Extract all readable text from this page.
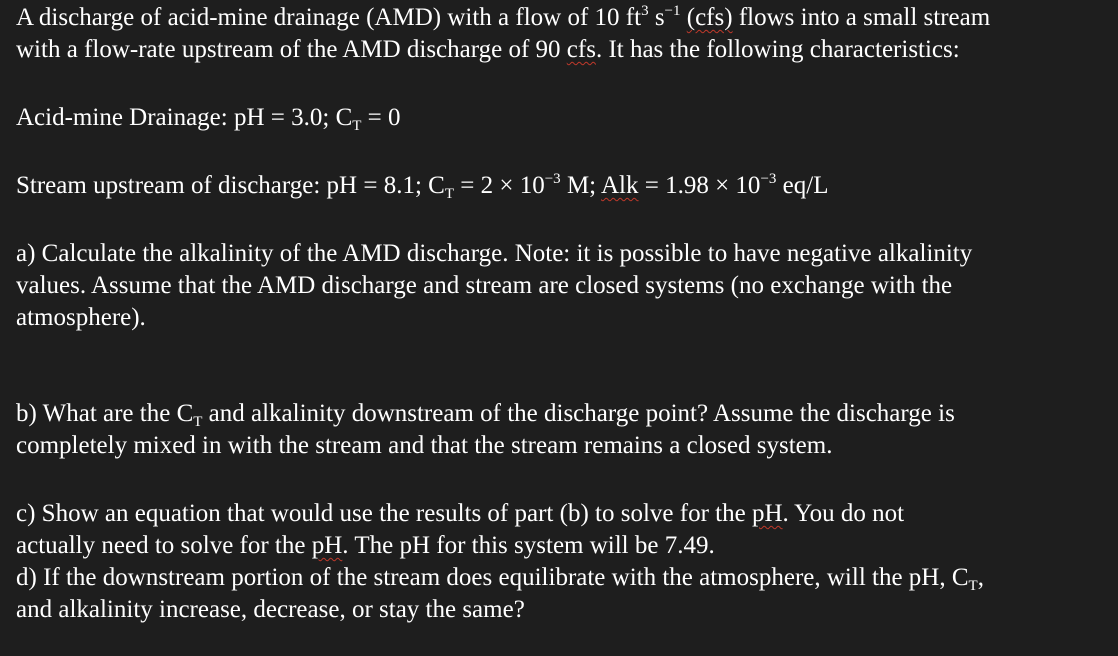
A discharge of acid-mine drainage (AMD) with a flow of 10 $ft^3$ $s^{-1}$ (cfs) flows into a small stream
with a flow-rate upstream of the AMD discharge of 90 cfs. It has the following characteristics:
Acid-mine Drainage: pH = 3.0; $C_T = 0$
Stream upstream of discharge: pH = 8.1; $C_T = 2 \times 10^{-3}$ M; Alk = $1.98 \times 10^{-3}$ eq/L
a) Calculate the alkalinity of the AMD discharge. Note: it is possible to have negative alkalinity
values. Assume that the AMD discharge and stream are closed systems (no exchange with the
atmosphere).
b) What are the $C_T$ and alkalinity downstream of the discharge point? Assume the discharge is
completely mixed in with the stream and that the stream remains a closed system.
c) Show an equation that would use the results of part (b) to solve for the pH. You do not
actually need to solve for the pH. The pH for this system will be 7.49.
d) If the downstream portion of the stream does equilibrate with the atmosphere, will the pH, $C_T$,
and alkalinity increase, decrease, or stay the same?
